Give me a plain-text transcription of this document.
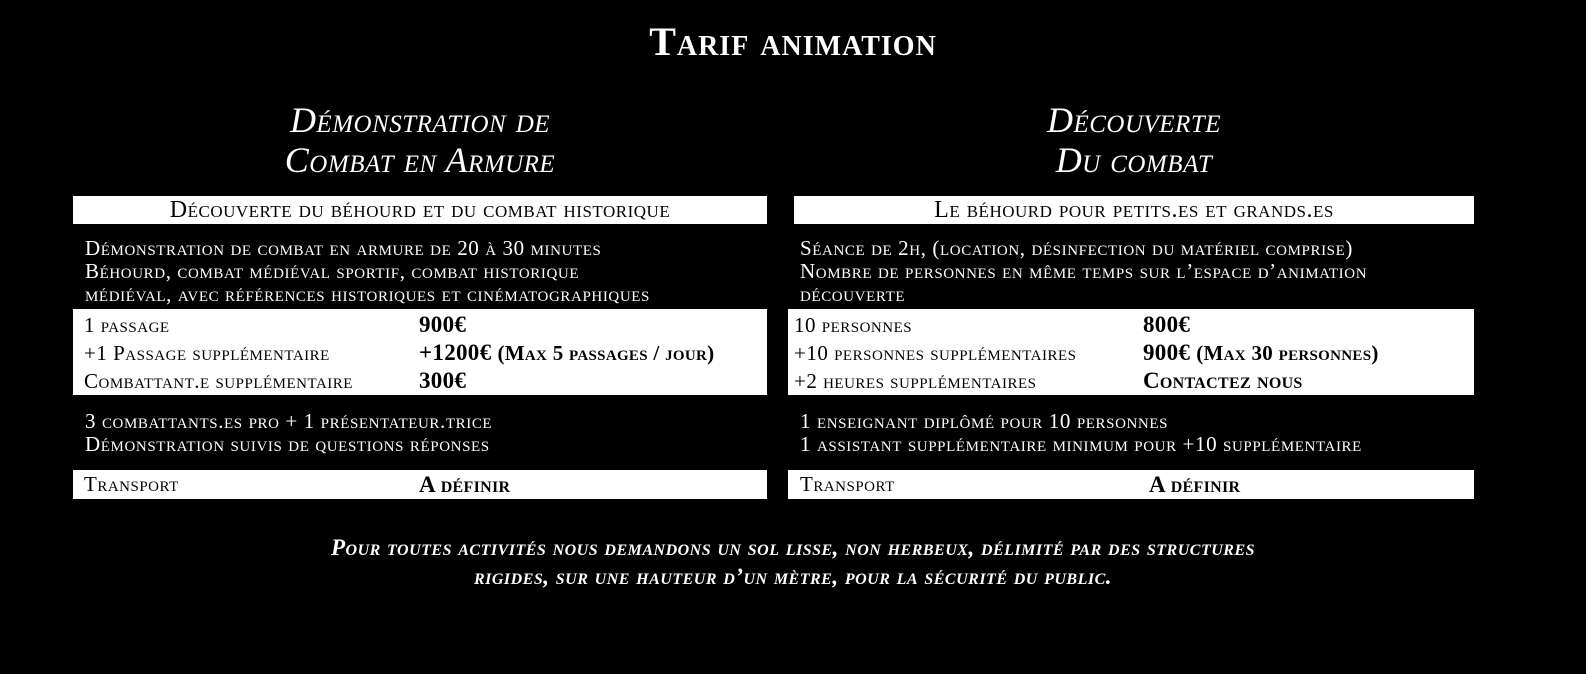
Tarif animation
Démonstration de
Combat en Armure
Découverte du béhourd et du combat historique
Démonstration de combat en armure de 20 à 30 minutes
Béhourd, combat médiéval sportif, combat historique
médiéval, avec références historiques et cinématographiques
1 passage	900€
+1 Passage supplémentaire	+1200€ (Max 5 passages / jour)
Combattant.e supplémentaire	300€
3 combattants.es pro + 1 présentateur.trice
Démonstration suivis de questions réponses
Transport	A définir
Découverte
Du combat
Le béhourd pour petits.es et grands.es
Séance de 2h, (location, désinfection du matériel comprise)
Nombre de personnes en même temps sur l’espace d’animation
découverte
10 personnes	800€
+10 personnes supplémentaires	900€ (Max 30 personnes)
+2 heures supplémentaires	Contactez nous
1 enseignant diplômé pour 10 personnes
1 assistant supplémentaire minimum pour +10 supplémentaire
Transport	A définir
Pour toutes activités nous demandons un sol lisse, non herbeux, délimité par des structures
rigides, sur une hauteur d’un mètre, pour la sécurité du public.
